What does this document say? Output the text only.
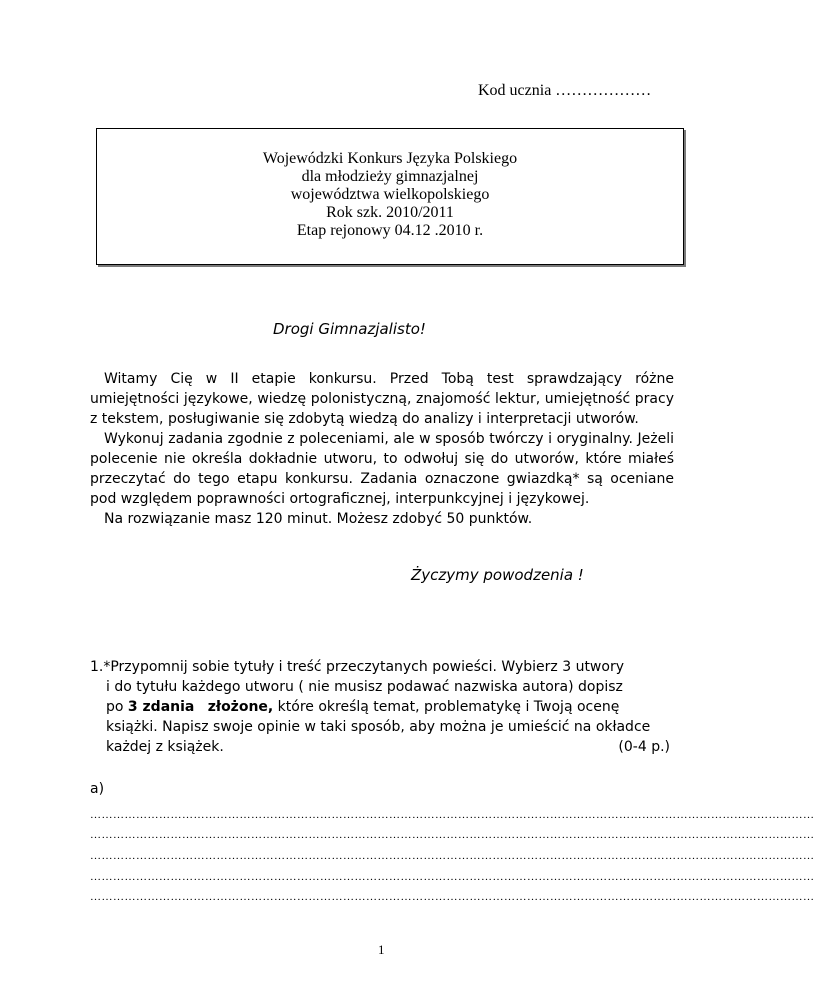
Kod ucznia ………………
Wojewódzki Konkurs Języka Polskiego
dla młodzieży gimnazjalnej
województwa wielkopolskiego
Rok szk. 2010/2011
Etap rejonowy 04.12 .2010 r.
Drogi Gimnazjalisto!

Witamy Cię w II etapie konkursu. Przed Tobą test sprawdzający różne umiejętności językowe, wiedzę polonistyczną, znajomość lektur, umiejętność pracy z tekstem, posługiwanie się zdobytą wiedzą do analizy i interpretacji utworów.

Wykonuj zadania zgodnie z poleceniami, ale w sposób twórczy i oryginalny. Jeżeli polecenie nie określa dokładnie utworu, to odwołuj się do utworów, które miałeś przeczytać do tego etapu konkursu. Zadania oznaczone gwiazdką* są oceniane pod względem poprawności ortograficznej, interpunkcyjnej i językowej.

Na rozwiązanie masz 120 minut. Możesz zdobyć 50 punktów.

Życzymy powodzenia !
1.*Przypomnij sobie tytuły i treść przeczytanych powieści. Wybierz 3 utwory
i do tytułu każdego utworu ( nie musisz podawać nazwiska autora) dopisz
po 3 zdania złożone, które określą temat, problematykę i Twoją ocenę
książki. Napisz swoje opinie w taki sposób, aby można je umieścić na okładce
każdej z książek.	(0-4 p.)
a)
………………………………………………………………………………………………………………………………………………………………………
………………………………………………………………………………………………………………………………………………………………………
………………………………………………………………………………………………………………………………………………………………………
………………………………………………………………………………………………………………………………………………………………………
………………………………………………………………………………………………………………………………………………………………………
1
